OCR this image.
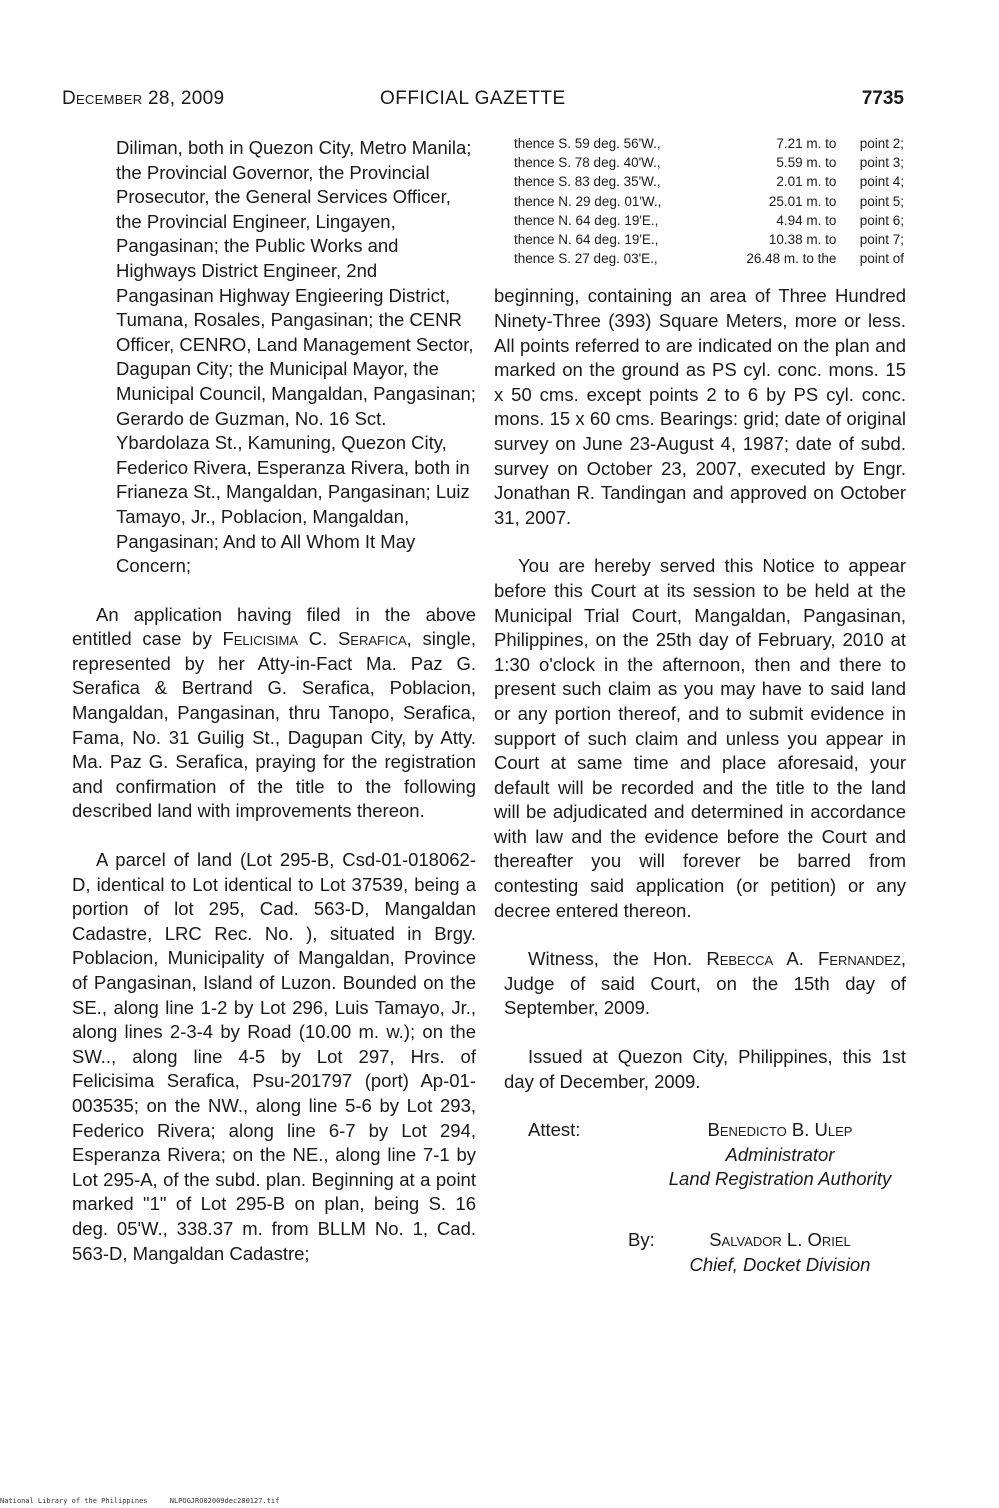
December 28, 2009	OFFICIAL GAZETTE	7735

Diliman, both in Quezon City, Metro Manila; the Provincial Governor, the Provincial Prosecutor, the General Services Officer, the Provincial Engineer, Lingayen, Pangasinan; the Public Works and Highways District Engineer, 2nd Pangasinan Highway Engieering District, Tumana, Rosales, Pangasinan; the CENR Officer, CENRO, Land Management Sector, Dagupan City; the Municipal Mayor, the Municipal Council, Mangaldan, Pangasinan; Gerardo de Guzman, No. 16 Sct. Ybardolaza St., Kamuning, Quezon City, Federico Rivera, Esperanza Rivera, both in Frianeza St., Mangaldan, Pangasinan; Luiz Tamayo, Jr., Poblacion, Mangaldan, Pangasinan; And to All Whom It May Concern;

An application having filed in the above entitled case by Felicisima C. Serafica, single, represented by her Atty-in-Fact Ma. Paz G. Serafica & Bertrand G. Serafica, Poblacion, Mangaldan, Pangasinan, thru Tanopo, Serafica, Fama, No. 31 Guilig St., Dagupan City, by Atty. Ma. Paz G. Serafica, praying for the registration and confirmation of the title to the following described land with improvements thereon.

A parcel of land (Lot 295-B, Csd-01-018062-D, identical to Lot identical to Lot 37539, being a portion of lot 295, Cad. 563-D, Mangaldan Cadastre, LRC Rec. No. ), situated in Brgy. Poblacion, Municipality of Mangaldan, Province of Pangasinan, Island of Luzon. Bounded on the SE., along line 1-2 by Lot 296, Luis Tamayo, Jr., along lines 2-3-4 by Road (10.00 m. w.); on the SW.., along line 4-5 by Lot 297, Hrs. of Felicisima Serafica, Psu-201797 (port) Ap-01-003535; on the NW., along line 5-6 by Lot 293, Federico Rivera; along line 6-7 by Lot 294, Esperanza Rivera; on the NE., along line 7-1 by Lot 295-A, of the subd. plan. Beginning at a point marked "1" of Lot 295-B on plan, being S. 16 deg. 05'W., 338.37 m. from BLLM No. 1, Cad. 563-D, Mangaldan Cadastre;

thence S. 59 deg. 56'W.,	7.21 m. to	point 2;
thence S. 78 deg. 40'W.,	5.59 m. to	point 3;
thence S. 83 deg. 35'W.,	2.01 m. to	point 4;
thence N. 29 deg. 01'W.,	25.01 m. to	point 5;
thence N. 64 deg. 19'E.,	4.94 m. to	point 6;
thence N. 64 deg. 19'E.,	10.38 m. to	point 7;
thence S. 27 deg. 03'E.,	26.48 m. to the	point of

beginning, containing an area of Three Hundred Ninety-Three (393) Square Meters, more or less. All points referred to are indicated on the plan and marked on the ground as PS cyl. conc. mons. 15 x 50 cms. except points 2 to 6 by PS cyl. conc. mons. 15 x 60 cms. Bearings: grid; date of original survey on June 23-August 4, 1987; date of subd. survey on October 23, 2007, executed by Engr. Jonathan R. Tandingan and approved on October 31, 2007.

You are hereby served this Notice to appear before this Court at its session to be held at the Municipal Trial Court, Mangaldan, Pangasinan, Philippines, on the 25th day of February, 2010 at 1:30 o'clock in the afternoon, then and there to present such claim as you may have to said land or any portion thereof, and to submit evidence in support of such claim and unless you appear in Court at same time and place aforesaid, your default will be recorded and the title to the land will be adjudicated and determined in accordance with law and the evidence before the Court and thereafter you will forever be barred from contesting said application (or petition) or any decree entered thereon.

Witness, the Hon. Rebecca A. Fernandez, Judge of said Court, on the 15th day of September, 2009.

Issued at Quezon City, Philippines, this 1st day of December, 2009.

Attest:	Benedicto B. Ulep
Administrator
Land Registration Authority
By:	Salvador L. Oriel
Chief, Docket Division
National Library of the Philippines	NLPOGJRO02009dec280127.tif
